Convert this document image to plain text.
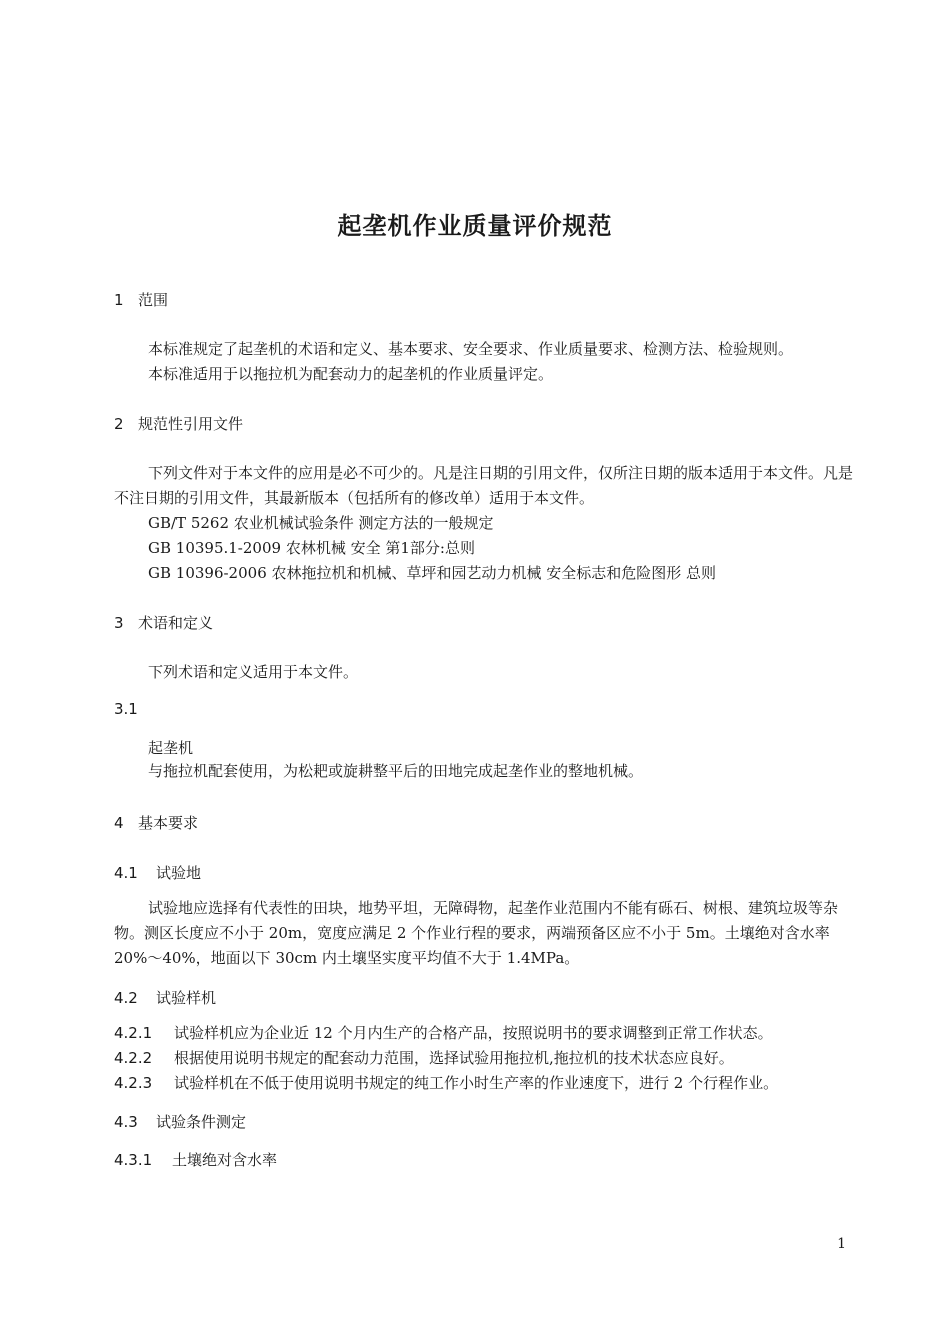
起垄机作业质量评价规范
1 范围

本标准规定了起垄机的术语和定义、基本要求、安全要求、作业质量要求、检测方法、检验规则。

本标准适用于以拖拉机为配套动力的起垄机的作业质量评定。

2 规范性引用文件

下列文件对于本文件的应用是必不可少的。凡是注日期的引用文件，仅所注日期的版本适用于本文件。凡是不注日期的引用文件，其最新版本（包括所有的修改单）适用于本文件。

GB/T 5262 农业机械试验条件 测定方法的一般规定

GB 10395.1-2009 农林机械 安全 第1部分:总则

GB 10396-2006 农林拖拉机和机械、草坪和园艺动力机械 安全标志和危险图形 总则

3 术语和定义

下列术语和定义适用于本文件。

3.1
起垄机

与拖拉机配套使用，为松耙或旋耕整平后的田地完成起垄作业的整地机械。

4 基本要求
4.1 试验地

试验地应选择有代表性的田块，地势平坦，无障碍物，起垄作业范围内不能有砾石、树根、建筑垃圾等杂物。测区长度应不小于 20m，宽度应满足 2 个作业行程的要求，两端预备区应不小于 5m。土壤绝对含水率 20%～40%，地面以下 30cm 内土壤坚实度平均值不大于 1.4MPa。

4.2 试验样机
4.2.1 试验样机应为企业近 12 个月内生产的合格产品，按照说明书的要求调整到正常工作状态。
4.2.2 根据使用说明书规定的配套动力范围，选择试验用拖拉机,拖拉机的技术状态应良好。
4.2.3 试验样机在不低于使用说明书规定的纯工作小时生产率的作业速度下，进行 2 个行程作业。
4.3 试验条件测定
4.3.1 土壤绝对含水率
1
